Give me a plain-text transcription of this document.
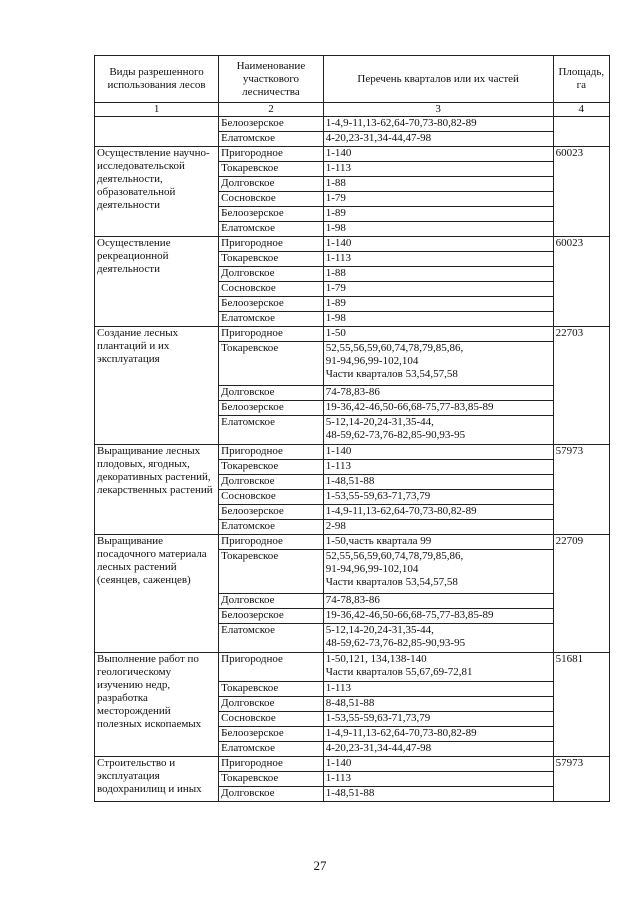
Виды разрешенного использования лесов	Наименование участкового лесничества	Перечень кварталов или их частей	Площадь, га
1	2	3	4
	Белоозерское	1-4,9-11,13-62,64-70,73-80,82-89	

	Елатомское	4-20,23-31,34-44,47-98	

Осуществление научно-исследовательской деятельности, образовательной деятельности	Пригородное	1-140	60023
	Токаревское	1-113	

	Долговское	1-88	

	Сосновское	1-79	

	Белоозерское	1-89	

	Елатомское	1-98	

Осуществление рекреационной деятельности	Пригородное	1-140	60023
	Токаревское	1-113	

	Долговское	1-88	

	Сосновское	1-79	

	Белоозерское	1-89	

	Елатомское	1-98	

Создание лесных плантаций и их эксплуатация	Пригородное	1-50	22703
	Токаревское	52,55,56,59,60,74,78,79,85,86,
91-94,96,99-102,104
Части кварталов 53,54,57,58	

	Долговское	74-78,83-86	

	Белоозерское	19-36,42-46,50-66,68-75,77-83,85-89	

	Елатомское	5-12,14-20,24-31,35-44,
48-59,62-73,76-82,85-90,93-95	

Выращивание лесных плодовых, ягодных, декоративных растений, лекарственных растений	Пригородное	1-140	57973
	Токаревское	1-113	

	Долговское	1-48,51-88	

	Сосновское	1-53,55-59,63-71,73,79	

	Белоозерское	1-4,9-11,13-62,64-70,73-80,82-89	

	Елатомское	2-98	

Выращивание посадочного материала лесных растений (сеянцев, саженцев)	Пригородное	1-50,часть квартала 99	22709
	Токаревское	52,55,56,59,60,74,78,79,85,86,
91-94,96,99-102,104
Части кварталов 53,54,57,58	

	Долговское	74-78,83-86	

	Белоозерское	19-36,42-46,50-66,68-75,77-83,85-89	

	Елатомское	5-12,14-20,24-31,35-44,
48-59,62-73,76-82,85-90,93-95	

Выполнение работ по геологическому изучению недр, разработка месторождений полезных ископаемых	Пригородное	1-50,121, 134,138-140
Части кварталов 55,67,69-72,81	51681
	Токаревское	1-113	

	Долговское	8-48,51-88	

	Сосновское	1-53,55-59,63-71,73,79	

	Белоозерское	1-4,9-11,13-62,64-70,73-80,82-89	

	Елатомское	4-20,23-31,34-44,47-98	

Строительство и эксплуатация водохранилищ и иных	Пригородное	1-140	57973
	Токаревское	1-113	

	Долговское	1-48,51-88	
27
